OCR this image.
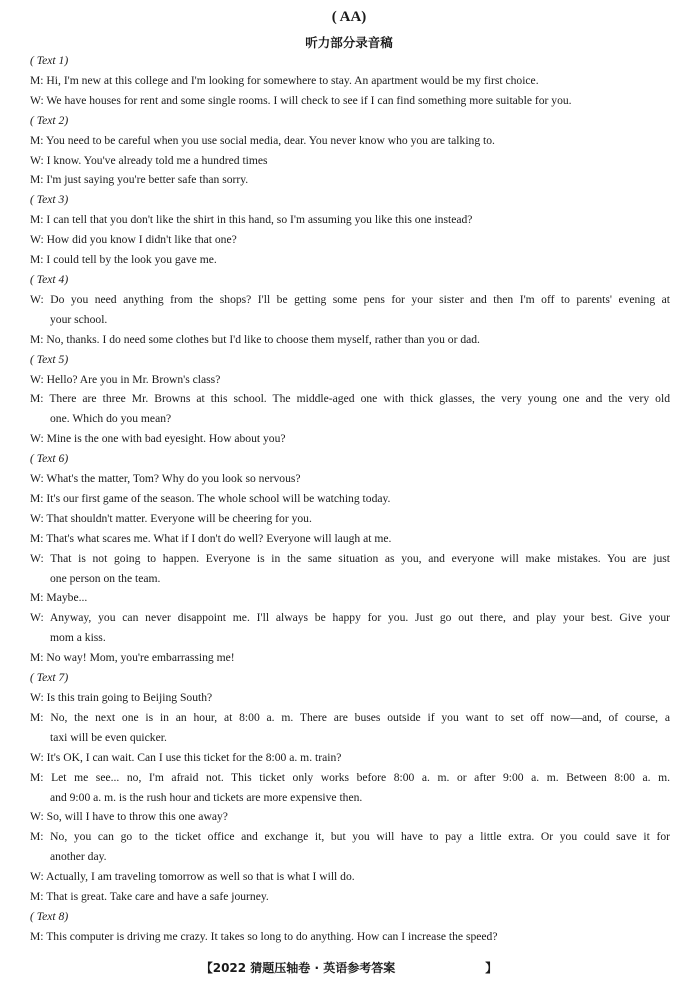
( AA)
听力部分录音稿
( Text 1)
M: Hi, I'm new at this college and I'm looking for somewhere to stay. An apartment would be my first choice.
W: We have houses for rent and some single rooms. I will check to see if I can find something more suitable for you.
( Text 2)
M: You need to be careful when you use social media, dear. You never know who you are talking to.
W: I know. You've already told me a hundred times
M: I'm just saying you're better safe than sorry.
( Text 3)
M: I can tell that you don't like the shirt in this hand, so I'm assuming you like this one instead?
W: How did you know I didn't like that one?
M: I could tell by the look you gave me.
( Text 4)
W: Do you need anything from the shops? I'll be getting some pens for your sister and then I'm off to parents' evening at
your school.
M: No, thanks. I do need some clothes but I'd like to choose them myself, rather than you or dad.
( Text 5)
W: Hello? Are you in Mr. Brown's class?
M: There are three Mr. Browns at this school. The middle-aged one with thick glasses, the very young one and the very old
one. Which do you mean?
W: Mine is the one with bad eyesight. How about you?
( Text 6)
W: What's the matter, Tom? Why do you look so nervous?
M: It's our first game of the season. The whole school will be watching today.
W: That shouldn't matter. Everyone will be cheering for you.
M: That's what scares me. What if I don't do well? Everyone will laugh at me.
W: That is not going to happen. Everyone is in the same situation as you, and everyone will make mistakes. You are just
one person on the team.
M: Maybe...
W: Anyway, you can never disappoint me. I'll always be happy for you. Just go out there, and play your best. Give your
mom a kiss.
M: No way! Mom, you're embarrassing me!
( Text 7)
W: Is this train going to Beijing South?
M: No, the next one is in an hour, at 8:00 a. m. There are buses outside if you want to set off now—and, of course, a
taxi will be even quicker.
W: It's OK, I can wait. Can I use this ticket for the 8:00 a. m. train?
M: Let me see... no, I'm afraid not. This ticket only works before 8:00 a. m. or after 9:00 a. m. Between 8:00 a. m.
and 9:00 a. m. is the rush hour and tickets are more expensive then.
W: So, will I have to throw this one away?
M: No, you can go to the ticket office and exchange it, but you will have to pay a little extra. Or you could save it for
another day.
W: Actually, I am traveling tomorrow as well so that is what I will do.
M: That is great. Take care and have a safe journey.
( Text 8)
M: This computer is driving me crazy. It takes so long to do anything. How can I increase the speed?
【2022 猜题压轴卷 · 英语参考答案	】
